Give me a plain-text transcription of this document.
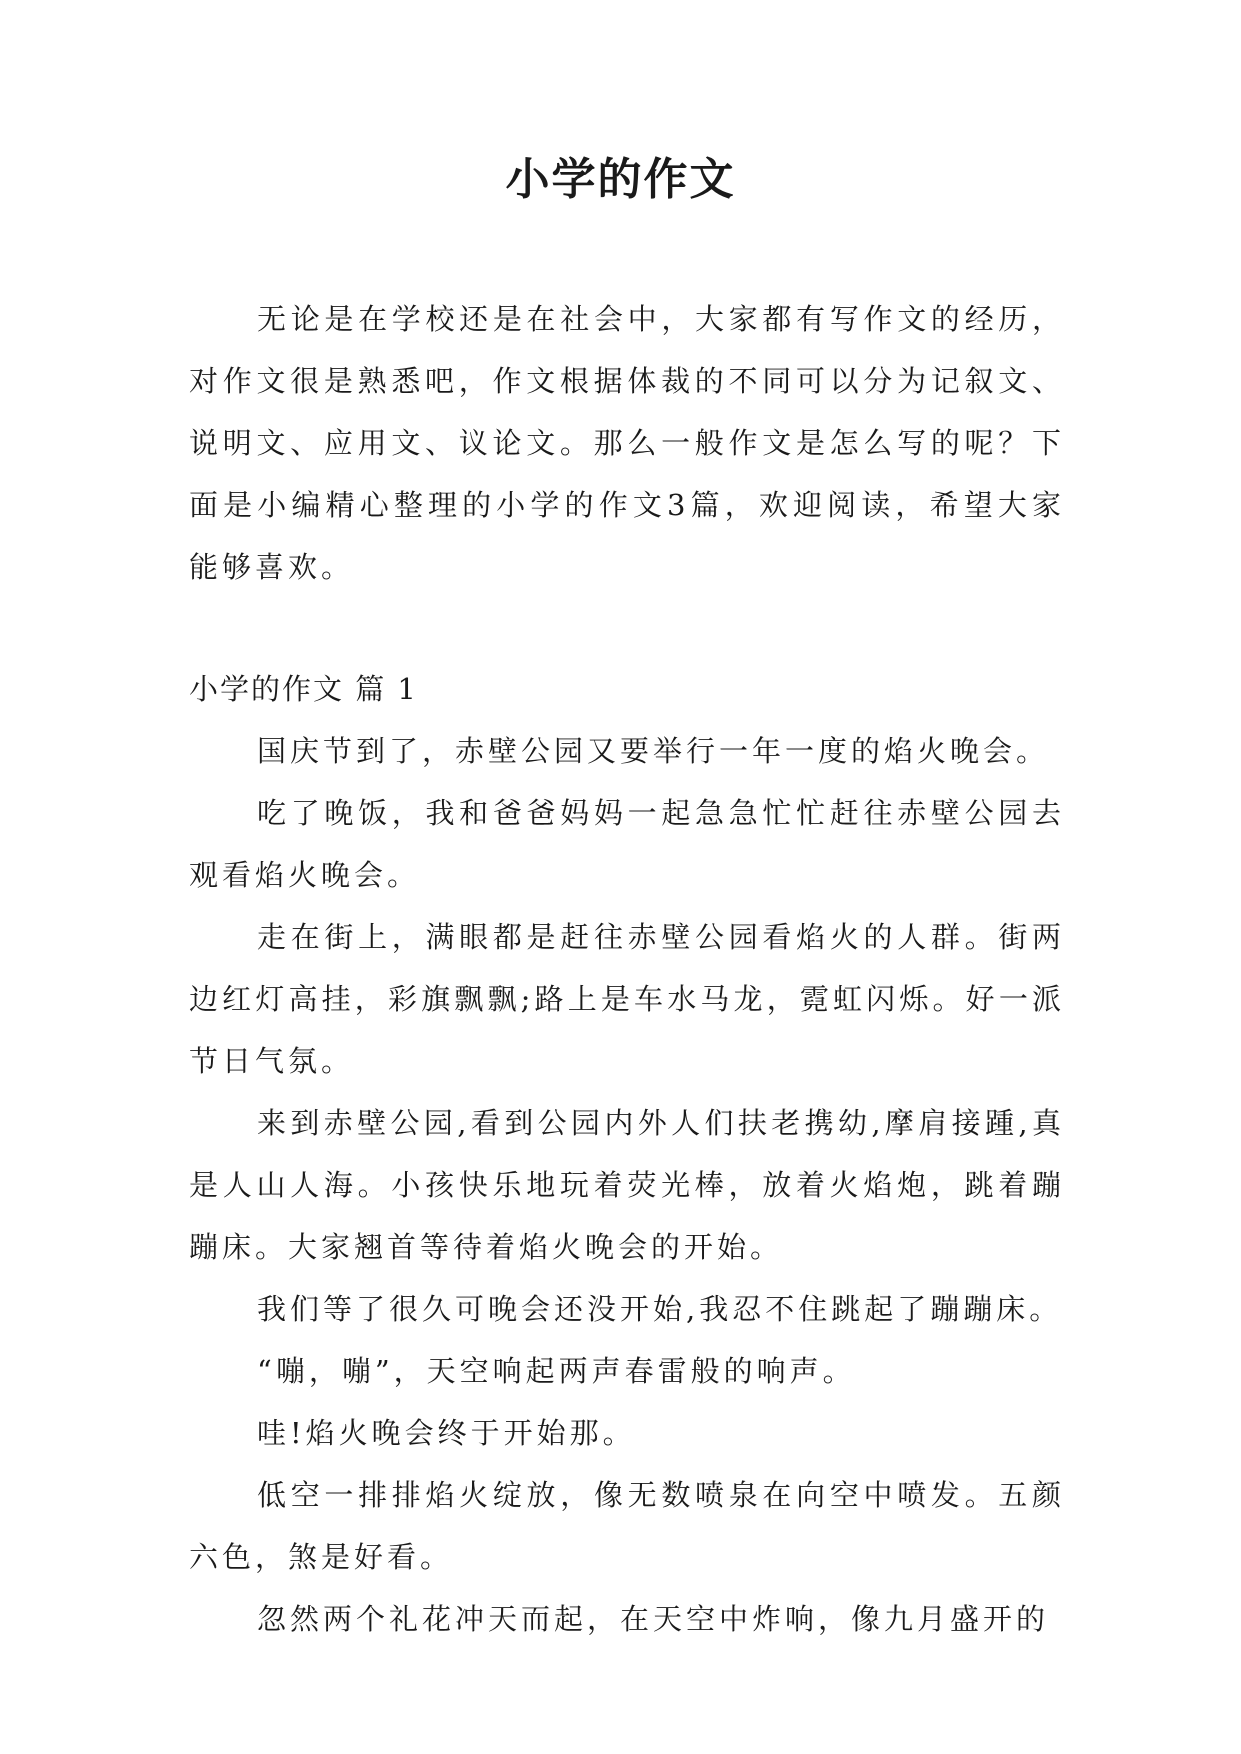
小学的作文

无论是在学校还是在社会中，大家都有写作文的经历，对作文很是熟悉吧，作文根据体裁的不同可以分为记叙文、说明文、应用文、议论文。那么一般作文是怎么写的呢？下面是小编精心整理的小学的作文3篇，欢迎阅读，希望大家能够喜欢。

小学的作文 篇 1

国庆节到了，赤壁公园又要举行一年一度的焰火晚会。

吃了晚饭，我和爸爸妈妈一起急急忙忙赶往赤壁公园去观看焰火晚会。

走在街上，满眼都是赶往赤壁公园看焰火的人群。街两边红灯高挂，彩旗飘飘;路上是车水马龙，霓虹闪烁。好一派节日气氛。

来到赤壁公园,看到公园内外人们扶老携幼,摩肩接踵,真是人山人海。小孩快乐地玩着荧光棒，放着火焰炮，跳着蹦蹦床。大家翘首等待着焰火晚会的开始。

我们等了很久可晚会还没开始,我忍不住跳起了蹦蹦床。

“嘣，嘣”，天空响起两声春雷般的响声。

哇!焰火晚会终于开始那。

低空一排排焰火绽放，像无数喷泉在向空中喷发。五颜六色，煞是好看。

忽然两个礼花冲天而起，在天空中炸响，像九月盛开的
